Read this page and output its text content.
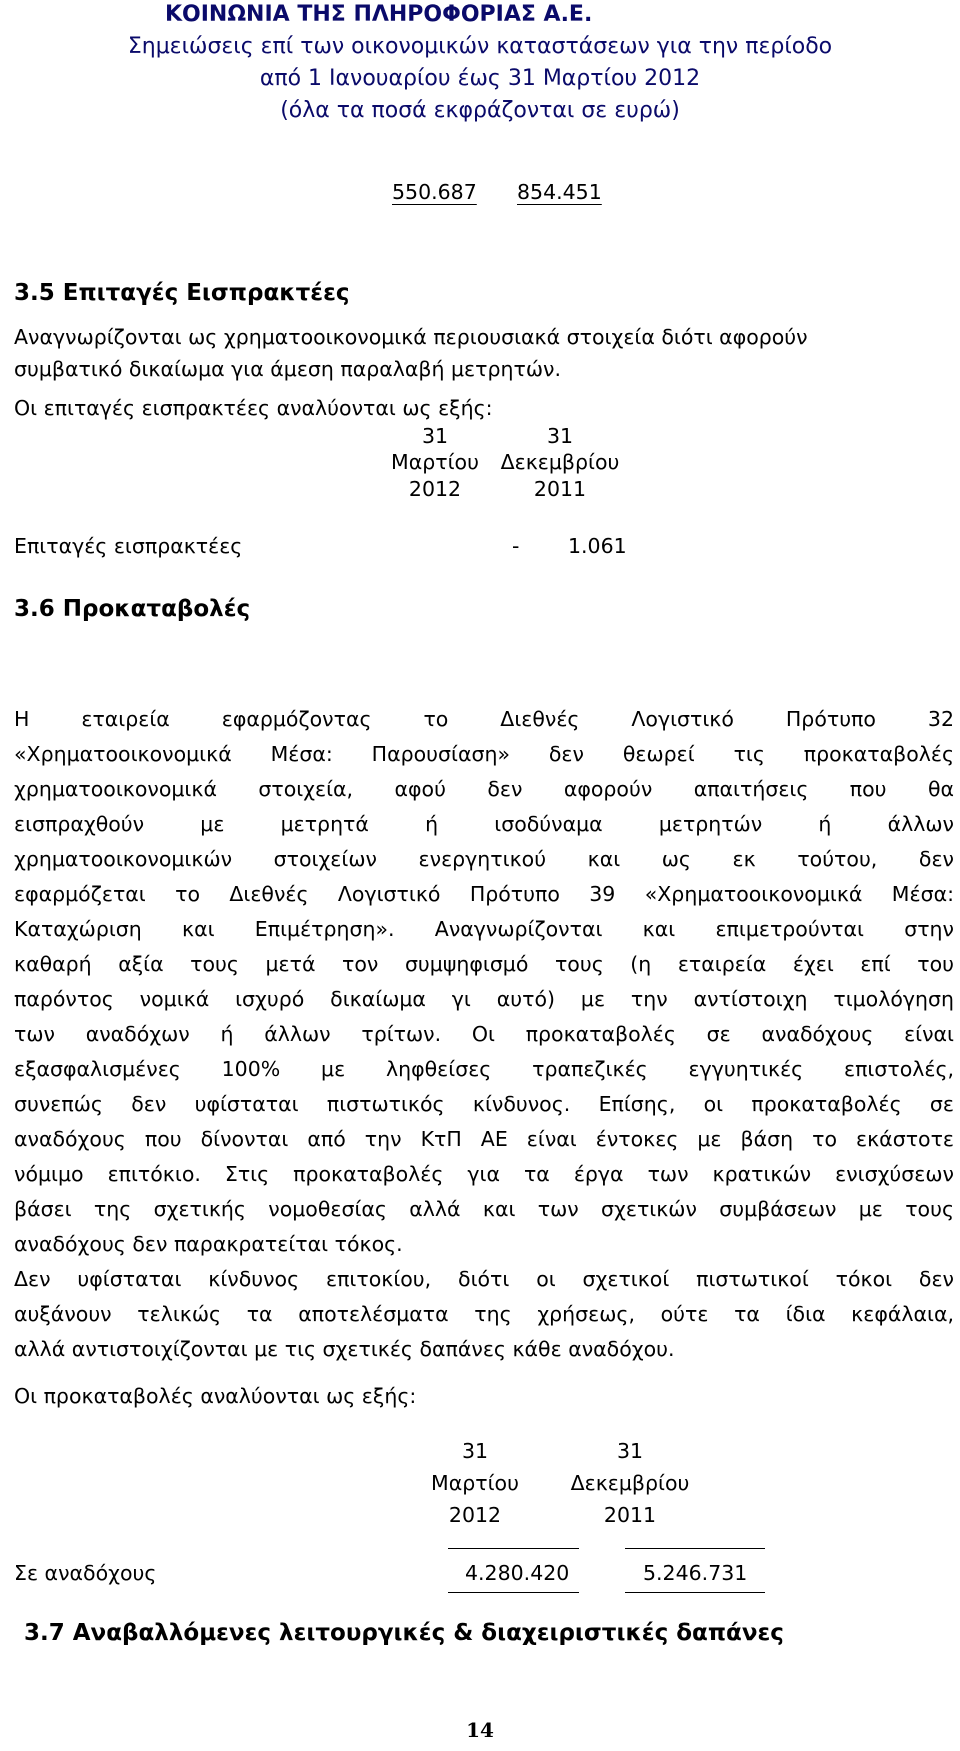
ΚΟΙΝΩΝΙΑ ΤΗΣ ΠΛΗΡΟΦΟΡΙΑΣ Α.Ε.
Σημειώσεις επί των οικονομικών καταστάσεων για την περίοδο
από 1 Ιανουαρίου έως 31 Μαρτίου 2012
(όλα τα ποσά εκφράζονται σε ευρώ)
550.687 854.451
3.5 Επιταγές Εισπρακτέες
Αναγνωρίζονται ως χρηματοοικονομικά περιουσιακά στοιχεία διότι αφορούν
συμβατικό δικαίωμα για άμεση παραλαβή μετρητών.
Οι επιταγές εισπρακτέες αναλύονται ως εξής:
31
Μαρτίου
2012
31
Δεκεμβρίου
2011
Επιταγές εισπρακτέες	- 1.061
3.6 Προκαταβολές
Η εταιρεία εφαρμόζοντας το Διεθνές Λογιστικό Πρότυπο 32
«Χρηματοοικονομικά Μέσα: Παρουσίαση» δεν θεωρεί τις προκαταβολές
χρηματοοικονομικά στοιχεία, αφού δεν αφορούν απαιτήσεις που θα
εισπραχθούν με μετρητά ή ισοδύναμα μετρητών ή άλλων
χρηματοοικονομικών στοιχείων ενεργητικού και ως εκ τούτου, δεν
εφαρμόζεται το Διεθνές Λογιστικό Πρότυπο 39 «Χρηματοοικονομικά Μέσα:
Καταχώριση και Επιμέτρηση». Αναγνωρίζονται και επιμετρούνται στην
καθαρή αξία τους μετά τον συμψηφισμό τους (η εταιρεία έχει επί του
παρόντος νομικά ισχυρό δικαίωμα γι αυτό) με την αντίστοιχη τιμολόγηση
των αναδόχων ή άλλων τρίτων. Οι προκαταβολές σε αναδόχους είναι
εξασφαλισμένες 100% με ληφθείσες τραπεζικές εγγυητικές επιστολές,
συνεπώς δεν υφίσταται πιστωτικός κίνδυνος. Επίσης, οι προκαταβολές σε
αναδόχους που δίνονται από την ΚτΠ ΑΕ είναι έντοκες με βάση το εκάστοτε
νόμιμο επιτόκιο. Στις προκαταβολές για τα έργα των κρατικών ενισχύσεων
βάσει της σχετικής νομοθεσίας αλλά και των σχετικών συμβάσεων με τους
αναδόχους δεν παρακρατείται τόκος.
Δεν υφίσταται κίνδυνος επιτοκίου, διότι οι σχετικοί πιστωτικοί τόκοι δεν
αυξάνουν τελικώς τα αποτελέσματα της χρήσεως, ούτε τα ίδια κεφάλαια,
αλλά αντιστοιχίζονται με τις σχετικές δαπάνες κάθε αναδόχου.
Οι προκαταβολές αναλύονται ως εξής:
31
Μαρτίου
2012
31
Δεκεμβρίου
2011
Σε αναδόχους	4.280.420	5.246.731
3.7 Αναβαλλόμενες λειτουργικές & διαχειριστικές δαπάνες
14
